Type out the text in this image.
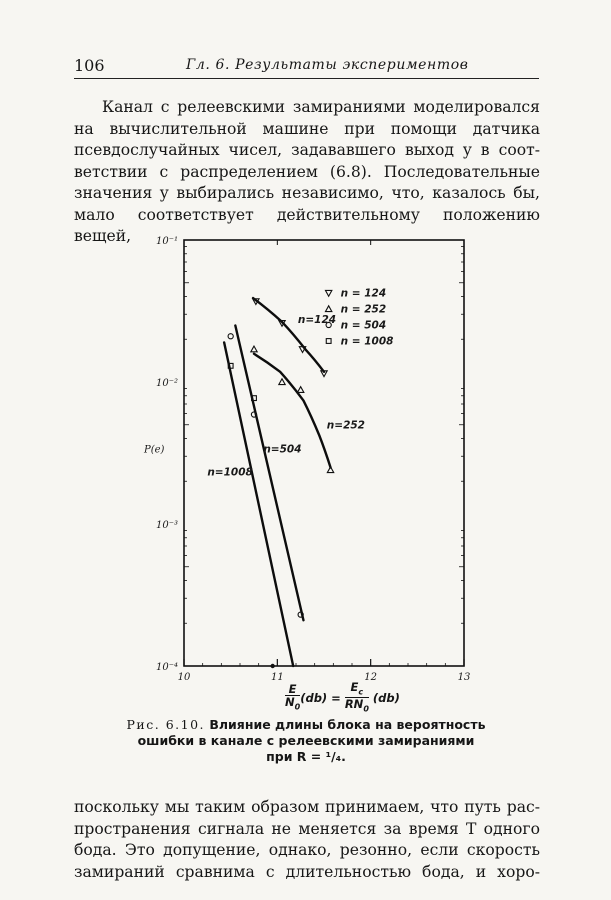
106	Гл. 6. Результаты экспериментов

Канал с релеевскими замираниями моделировался

на вычислительной машине при помощи датчика

псевдослучайных чисел, задававшего выход y в соот-

ветствии с распределением (6.8). Последовательные

значения y выбирались независимо, что, казалось бы,

мало соответствует действительному положению вещей,

10	11	12	13
10⁻¹
10⁻²
10⁻³
10⁻⁴
P(e)
n=124
n=252
n=504
n=1008
n = 124
n = 252
n = 504
n = 1008
E
$N_0(db) = E_c$
$RN_0$ (db)
Рис. 6.10. Влияние длины блока на вероятность
ошибки в канале с релеевскими замираниями
при R = ¹/₄.

поскольку мы таким образом принимаем, что путь рас-

пространения сигнала не меняется за время T одного

бода. Это допущение, однако, резонно, если скорость

замираний сравнима с длительностью бода, и хоро-
